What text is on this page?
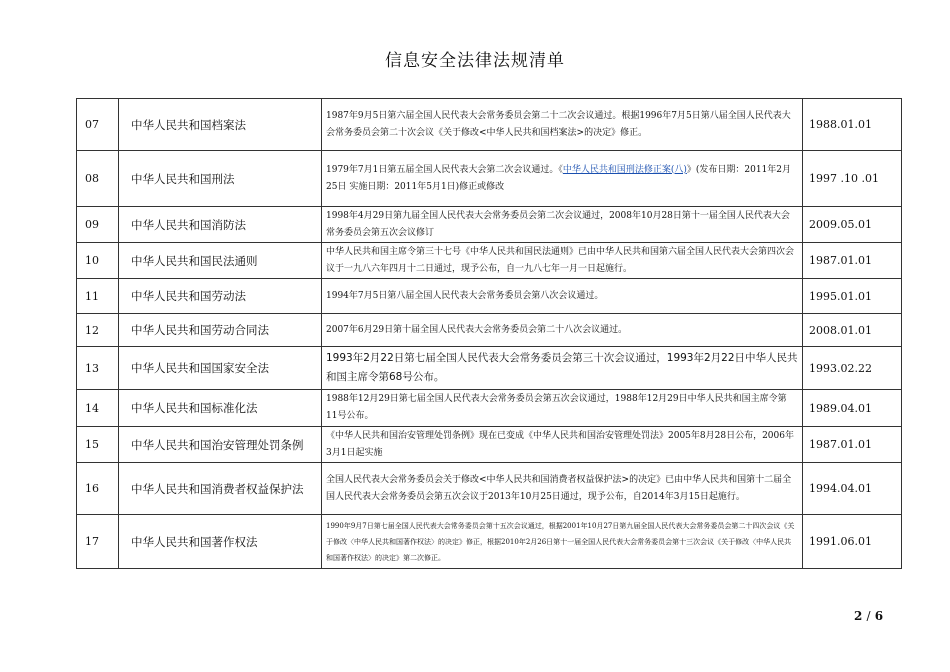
信息安全法律法规清单
07	中华人民共和国档案法	1987年9月5日第六届全国人民代表大会常务委员会第二十二次会议通过。根据1996年7月5日第八届全国人民代表大会常务委员会第二十次会议《关于修改<中华人民共和国档案法>的决定》修正。	1988.01.01
08	中华人民共和国刑法	1979年7月1日第五届全国人民代表大会第二次会议通过。《中华人民共和国刑法修正案(八)》(发布日期：2011年2月25日 实施日期：2011年5月1日)修正或修改	1997 .10 .01
09	中华人民共和国消防法	1998年4月29日第九届全国人民代表大会常务委员会第二次会议通过，2008年10月28日第十一届全国人民代表大会常务委员会第五次会议修订	2009.05.01
10	中华人民共和国民法通则	中华人民共和国主席令第三十七号《中华人民共和国民法通则》已由中华人民共和国第六届全国人民代表大会第四次会议于一九八六年四月十二日通过，现予公布，自一九八七年一月一日起施行。	1987.01.01
11	中华人民共和国劳动法	1994年7月5日第八届全国人民代表大会常务委员会第八次会议通过。	1995.01.01
12	中华人民共和国劳动合同法	2007年6月29日第十届全国人民代表大会常务委员会第二十八次会议通过。	2008.01.01
13	中华人民共和国国家安全法	1993年2月22日第七届全国人民代表大会常务委员会第三十次会议通过，1993年2月22日中华人民共和国主席令第68号公布。	1993.02.22
14	中华人民共和国标准化法	1988年12月29日第七届全国人民代表大会常务委员会第五次会议通过，1988年12月29日中华人民共和国主席令第11号公布。	1989.04.01
15	中华人民共和国治安管理处罚条例	《中华人民共和国治安管理处罚条例》现在已变成《中华人民共和国治安管理处罚法》2005年8月28日公布，2006年3月1日起实施	1987.01.01
16	中华人民共和国消费者权益保护法	全国人民代表大会常务委员会关于修改<中华人民共和国消费者权益保护法>的决定》已由中华人民共和国第十二届全国人民代表大会常务委员会第五次会议于2013年10月25日通过，现予公布，自2014年3月15日起施行。	1994.04.01
17	中华人民共和国著作权法	1990年9月7日第七届全国人民代表大会常务委员会第十五次会议通过，根据2001年10月27日第九届全国人民代表大会常务委员会第二十四次会议《关于修改〈中华人民共和国著作权法〉的决定》修正，根据2010年2月26日第十一届全国人民代表大会常务委员会第十三次会议《关于修改〈中华人民共和国著作权法〉的决定》第二次修正。	1991.06.01
2 / 6
